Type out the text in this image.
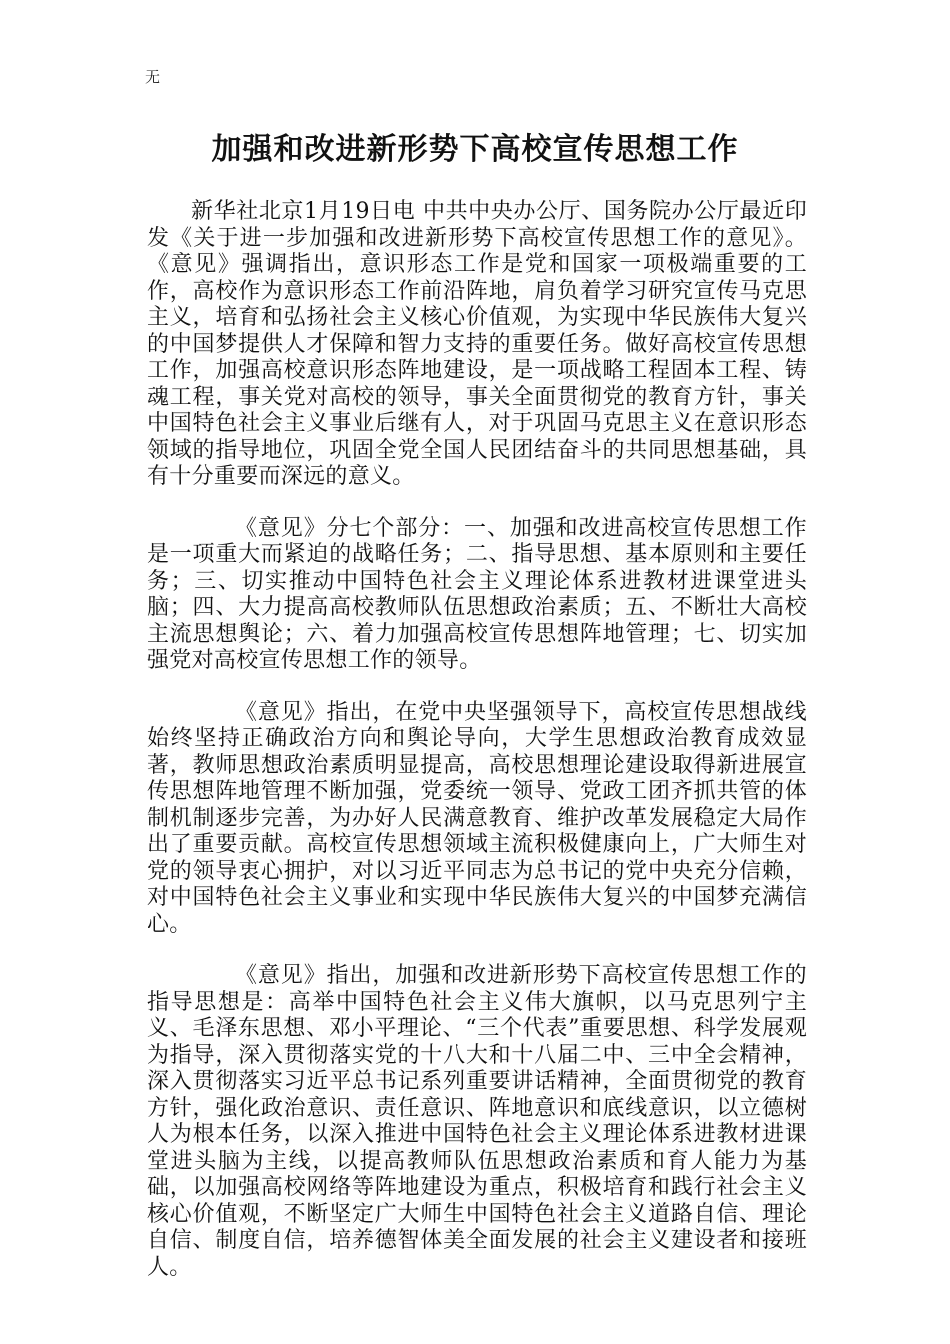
无
加强和改进新形势下高校宣传思想工作

新华社北京1月19日电 中共中央办公厅、国务院办公厅最近印发《关于进一步加强和改进新形势下高校宣传思想工作的意见》。《意见》强调指出，意识形态工作是党和国家一项极端重要的工作，高校作为意识形态工作前沿阵地，肩负着学习研究宣传马克思主义，培育和弘扬社会主义核心价值观，为实现中华民族伟大复兴的中国梦提供人才保障和智力支持的重要任务。做好高校宣传思想工作，加强高校意识形态阵地建设，是一项战略工程固本工程、铸魂工程，事关党对高校的领导，事关全面贯彻党的教育方针，事关中国特色社会主义事业后继有人，对于巩固马克思主义在意识形态领域的指导地位，巩固全党全国人民团结奋斗的共同思想基础，具有十分重要而深远的意义。

《意见》分七个部分：一、加强和改进高校宣传思想工作是一项重大而紧迫的战略任务；二、指导思想、基本原则和主要任务；三、切实推动中国特色社会主义理论体系进教材进课堂进头脑；四、大力提高高校教师队伍思想政治素质；五、不断壮大高校主流思想舆论；六、着力加强高校宣传思想阵地管理；七、切实加强党对高校宣传思想工作的领导。

《意见》指出，在党中央坚强领导下，高校宣传思想战线始终坚持正确政治方向和舆论导向，大学生思想政治教育成效显著，教师思想政治素质明显提高，高校思想理论建设取得新进展宣传思想阵地管理不断加强，党委统一领导、党政工团齐抓共管的体制机制逐步完善，为办好人民满意教育、维护改革发展稳定大局作出了重要贡献。高校宣传思想领域主流积极健康向上，广大师生对党的领导衷心拥护，对以习近平同志为总书记的党中央充分信赖，对中国特色社会主义事业和实现中华民族伟大复兴的中国梦充满信心。

《意见》指出，加强和改进新形势下高校宣传思想工作的指导思想是：高举中国特色社会主义伟大旗帜，以马克思列宁主义、毛泽东思想、邓小平理论、“三个代表”重要思想、科学发展观为指导，深入贯彻落实党的十八大和十八届二中、三中全会精神，深入贯彻落实习近平总书记系列重要讲话精神，全面贯彻党的教育方针，强化政治意识、责任意识、阵地意识和底线意识，以立德树人为根本任务，以深入推进中国特色社会主义理论体系进教材进课堂进头脑为主线，以提高教师队伍思想政治素质和育人能力为基础，以加强高校网络等阵地建设为重点，积极培育和践行社会主义核心价值观，不断坚定广大师生中国特色社会主义道路自信、理论自信、制度自信，培养德智体美全面发展的社会主义建设者和接班人。
